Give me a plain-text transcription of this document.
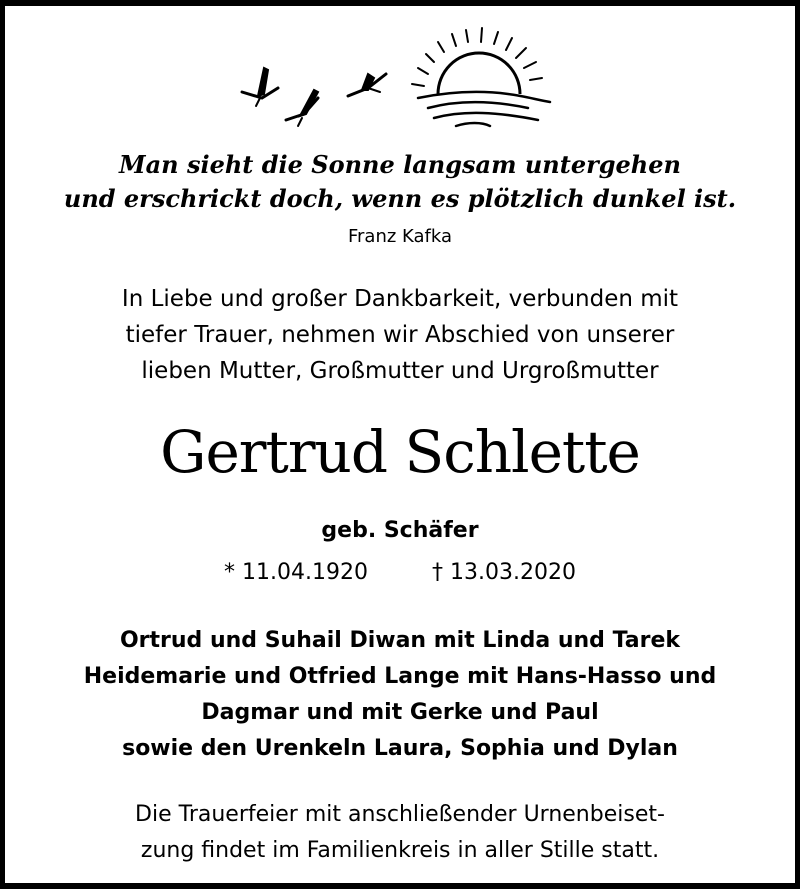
Man sieht die Sonne langsam untergehen
und erschrickt doch, wenn es plötzlich dunkel ist.
Franz Kafka
In Liebe und großer Dankbarkeit, verbunden mit
tiefer Trauer, nehmen wir Abschied von unserer
lieben Mutter, Großmutter und Urgroßmutter
Gertrud Schlette
geb. Schäfer
* 11.04.1920	† 13.03.2020
Ortrud und Suhail Diwan mit Linda und Tarek
Heidemarie und Otfried Lange mit Hans-Hasso und
Dagmar und mit Gerke und Paul
sowie den Urenkeln Laura, Sophia und Dylan
Die Trauerfeier mit anschließender Urnenbeiset-
zung findet im Familienkreis in aller Stille statt.
